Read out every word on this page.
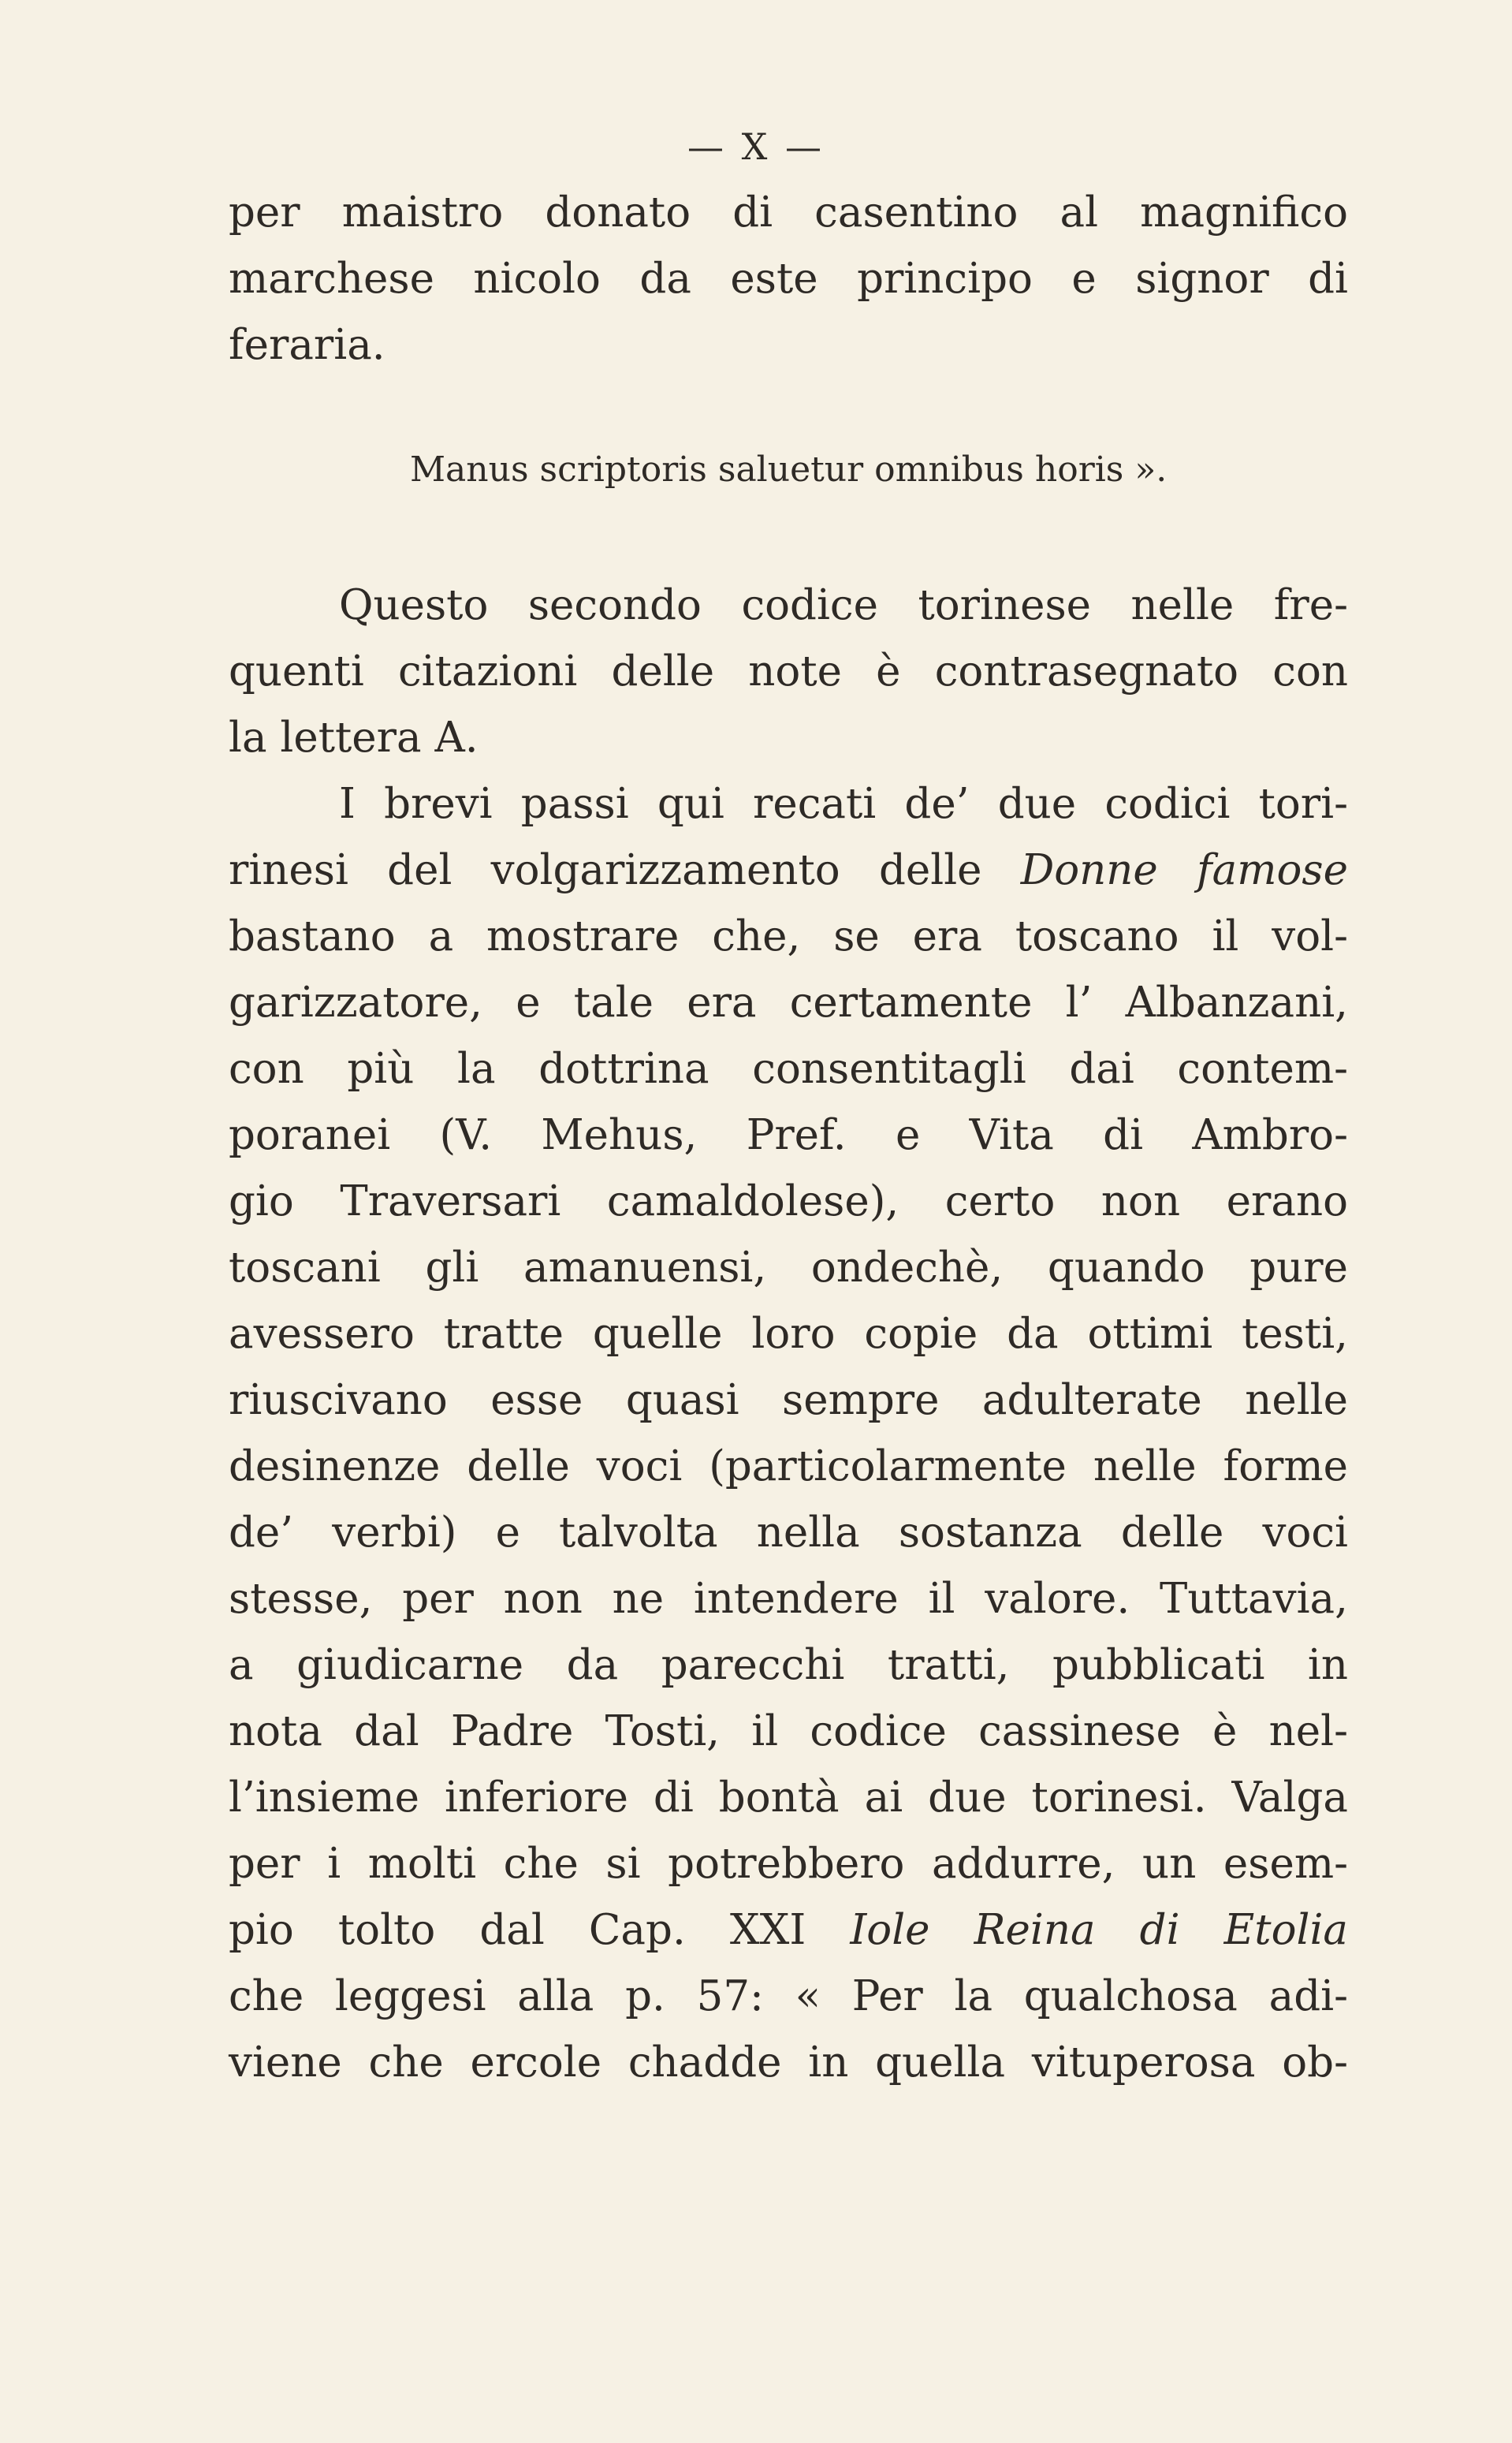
— X —
per maistro donato di casentino al magnifico
marchese nicolo da este principo e signor di
feraria.
Manus scriptoris saluetur omnibus horis ».
Questo secondo codice torinese nelle fre-
quenti citazioni delle note è contrasegnato con
la lettera A.
I brevi passi qui recati de’ due codici tori-
rinesi del volgarizzamento delle Donne famose
bastano a mostrare che, se era toscano il vol-
garizzatore, e tale era certamente l’ Albanzani,
con più la dottrina consentitagli dai contem-
poranei (V. Mehus, Pref. e Vita di Ambro-
gio Traversari camaldolese), certo non erano
toscani gli amanuensi, ondechè, quando pure
avessero tratte quelle loro copie da ottimi testi,
riuscivano esse quasi sempre adulterate nelle
desinenze delle voci (particolarmente nelle forme
de’ verbi) e talvolta nella sostanza delle voci
stesse, per non ne intendere il valore. Tuttavia,
a giudicarne da parecchi tratti, pubblicati in
nota dal Padre Tosti, il codice cassinese è nel-
l’insieme inferiore di bontà ai due torinesi. Valga
per i molti che si potrebbero addurre, un esem-
pio tolto dal Cap. XXI Iole Reina di Etolia
che leggesi alla p. 57: « Per la qualchosa adi-
viene che ercole chadde in quella vituperosa ob-
